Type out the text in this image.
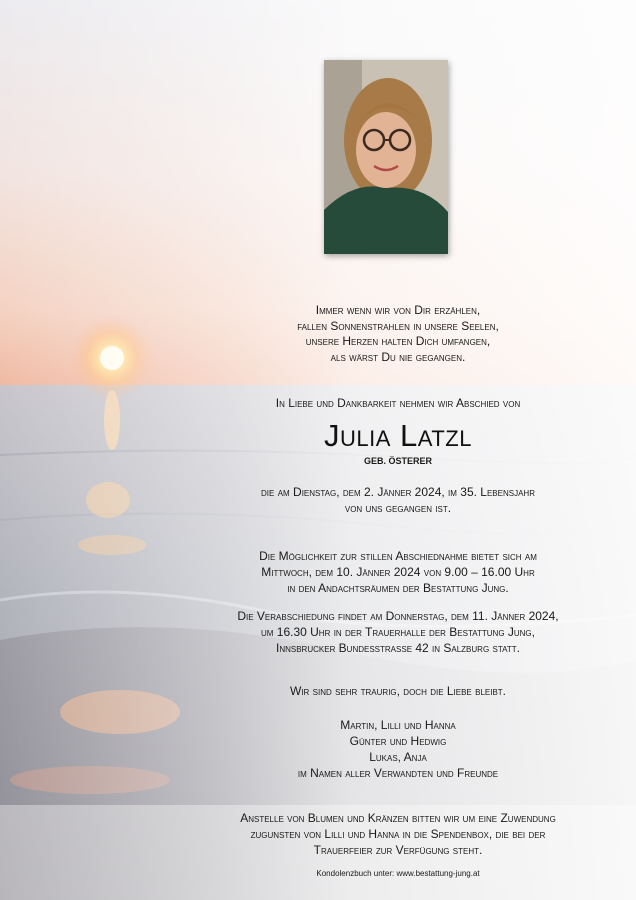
Immer wenn wir von Dir erzählen,
fallen Sonnenstrahlen in unsere Seelen,
unsere Herzen halten Dich umfangen,
als wärst Du nie gegangen.
In Liebe und Dankbarkeit nehmen wir Abschied von
Julia Latzl
GEB. ÖSTERER
die am Dienstag, dem 2. Jänner 2024, im 35. Lebensjahr
von uns gegangen ist.
Die Möglichkeit zur stillen Abschiednahme bietet sich am
Mittwoch, dem 10. Jänner 2024 von 9.00 – 16.00 Uhr
in den Andachtsräumen der Bestattung Jung.
Die Verabschiedung findet am Donnerstag, dem 11. Jänner 2024,
um 16.30 Uhr in der Trauerhalle der Bestattung Jung,
Innsbrucker Bundesstrasse 42 in Salzburg statt.
Wir sind sehr traurig, doch die Liebe bleibt.
Martin, Lilli und Hanna
Günter und Hedwig
Lukas, Anja
im Namen aller Verwandten und Freunde
Anstelle von Blumen und Kränzen bitten wir um eine Zuwendung
zugunsten von Lilli und Hanna in die Spendenbox, die bei der
Trauerfeier zur Verfügung steht.
Kondolenzbuch unter: www.bestattung-jung.at
